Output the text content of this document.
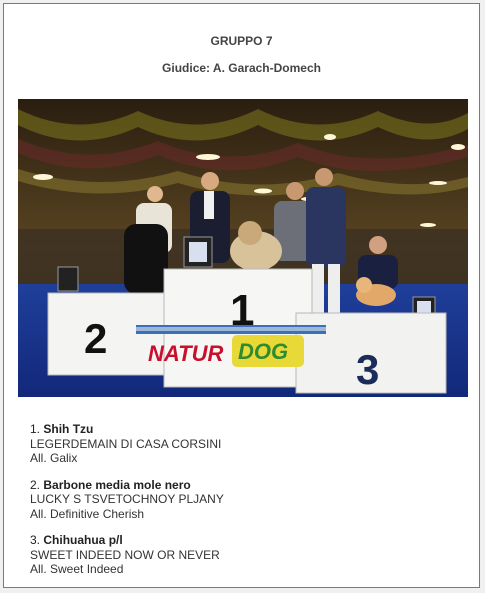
GRUPPO 7
Giudice: A. Garach-Domech
1
2
3
NATUR DOG
1. Shih Tzu
LEGERDEMAIN DI CASA CORSINI
All. Galix
2. Barbone media mole nero
LUCKY S TSVETOCHNOY PLJANY
All. Definitive Cherish
3. Chihuahua p/l
SWEET INDEED NOW OR NEVER
All. Sweet Indeed
